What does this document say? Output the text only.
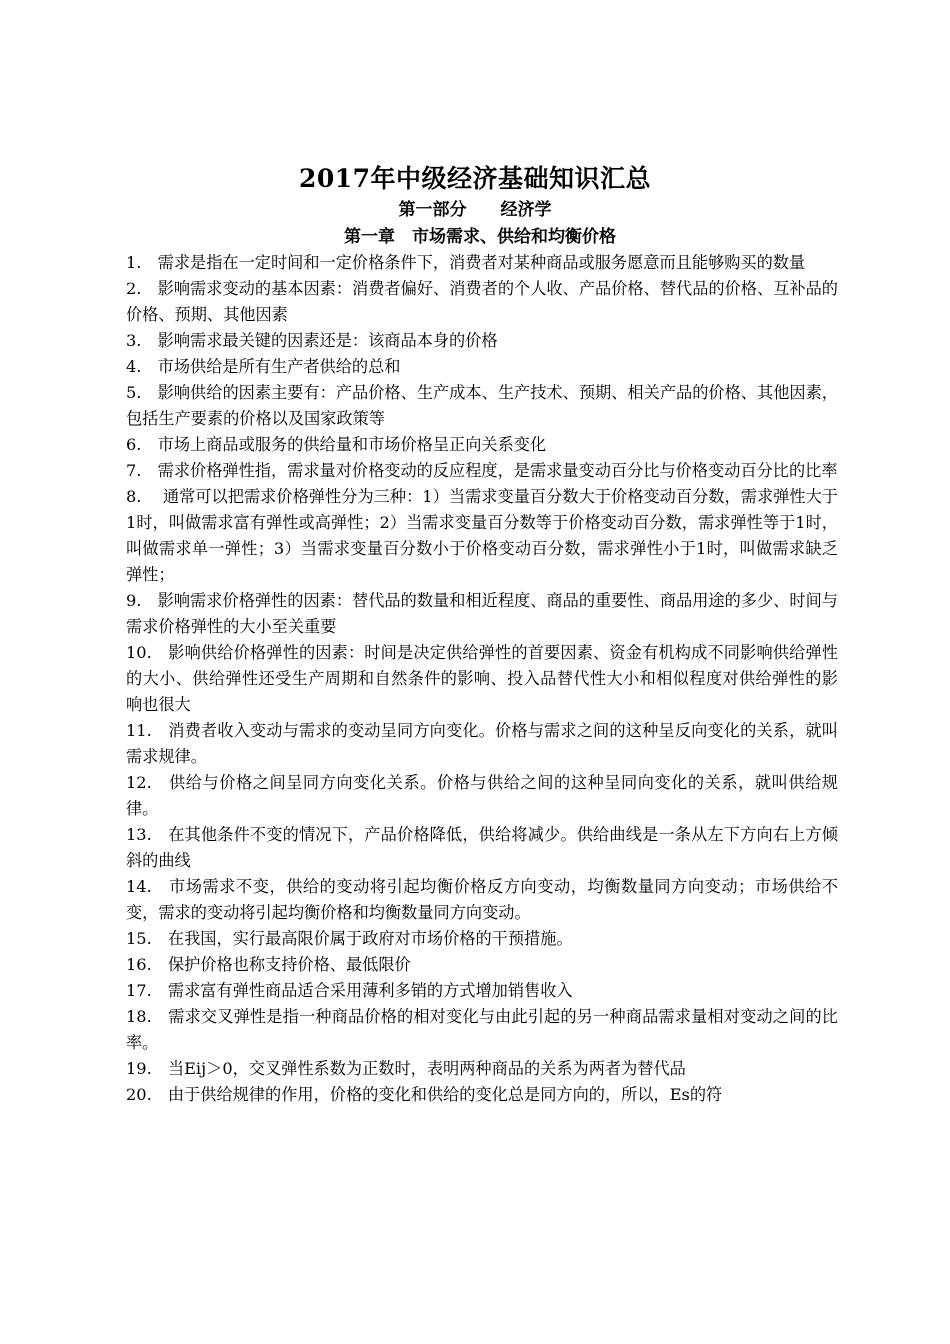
2017年中级经济基础知识汇总
第一部分　　经济学
第一章　市场需求、供给和均衡价格
1.　需求是指在一定时间和一定价格条件下，消费者对某种商品或服务愿意而且能够购买的数量
2.　影响需求变动的基本因素：消费者偏好、消费者的个人收、产品价格、替代品的价格、互补品的价格、预期、其他因素
3.　影响需求最关键的因素还是：该商品本身的价格
4.　市场供给是所有生产者供给的总和
5.　影响供给的因素主要有：产品价格、生产成本、生产技术、预期、相关产品的价格、其他因素，包括生产要素的价格以及国家政策等
6.　市场上商品或服务的供给量和市场价格呈正向关系变化
7.　需求价格弹性指，需求量对价格变动的反应程度，是需求量变动百分比与价格变动百分比的比率
8.　 通常可以把需求价格弹性分为三种：1）当需求变量百分数大于价格变动百分数，需求弹性大于1时，叫做需求富有弹性或高弹性；2）当需求变量百分数等于价格变动百分数，需求弹性等于1时，叫做需求单一弹性；3）当需求变量百分数小于价格变动百分数，需求弹性小于1时，叫做需求缺乏弹性；
9.　影响需求价格弹性的因素：替代品的数量和相近程度、商品的重要性、商品用途的多少、时间与需求价格弹性的大小至关重要
10.　影响供给价格弹性的因素：时间是决定供给弹性的首要因素、资金有机构成不同影响供给弹性的大小、供给弹性还受生产周期和自然条件的影响、投入品替代性大小和相似程度对供给弹性的影响也很大
11.　消费者收入变动与需求的变动呈同方向变化。价格与需求之间的这种呈反向变化的关系，就叫需求规律。
12.　供给与价格之间呈同方向变化关系。价格与供给之间的这种呈同向变化的关系，就叫供给规律。
13.　在其他条件不变的情况下，产品价格降低，供给将减少。供给曲线是一条从左下方向右上方倾斜的曲线
14.　市场需求不变，供给的变动将引起均衡价格反方向变动，均衡数量同方向变动；市场供给不变，需求的变动将引起均衡价格和均衡数量同方向变动。
15.　在我国，实行最高限价属于政府对市场价格的干预措施。
16.　保护价格也称支持价格、最低限价
17.　需求富有弹性商品适合采用薄利多销的方式增加销售收入
18.　需求交叉弹性是指一种商品价格的相对变化与由此引起的另一种商品需求量相对变动之间的比率。
19.　当Eij＞0，交叉弹性系数为正数时，表明两种商品的关系为两者为替代品
20.　由于供给规律的作用，价格的变化和供给的变化总是同方向的，所以，Es的符
